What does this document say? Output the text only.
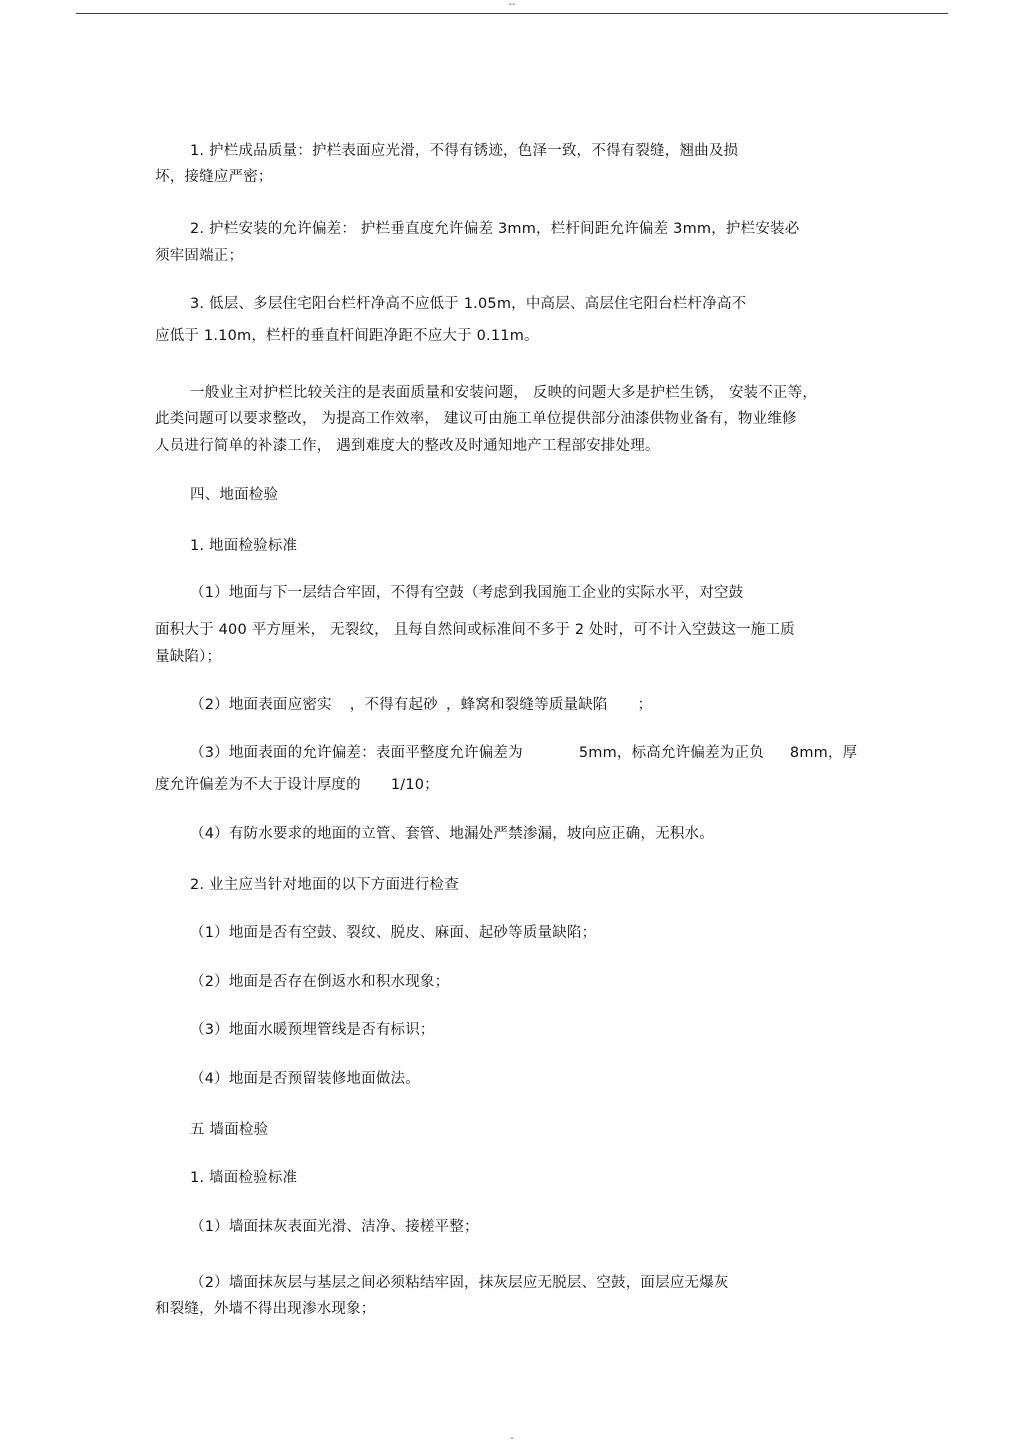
--
1. 护栏成品质量：护栏表面应光滑，不得有锈迹，色泽一致，不得有裂缝，翘曲及损
坏，接缝应严密；
2. 护栏安装的允许偏差： 护栏垂直度允许偏差 3mm，栏杆间距允许偏差 3mm，护栏安装必
须牢固端正；
3. 低层、多层住宅阳台栏杆净高不应低于 1.05m，中高层、高层住宅阳台栏杆净高不
应低于 1.10m，栏杆的垂直杆间距净距不应大于 0.11m。
一般业主对护栏比较关注的是表面质量和安装问题， 反映的问题大多是护栏生锈， 安装不正等，
此类问题可以要求整改， 为提高工作效率， 建议可由施工单位提供部分油漆供物业备有，物业维修
人员进行简单的补漆工作， 遇到难度大的整改及时通知地产工程部安排处理。
四、地面检验
1. 地面检验标准
（1）地面与下一层结合牢固，不得有空鼓（考虑到我国施工企业的实际水平，对空鼓
面积大于 400 平方厘米， 无裂纹， 且每自然间或标准间不多于 2 处时，可不计入空鼓这一施工质
量缺陷）；
（2）地面表面应密实 ，不得有起砂 ，蜂窝和裂缝等质量缺陷 ；
（3）地面表面的允许偏差：表面平整度允许偏差为	5mm，标高允许偏差为正负 8mm，厚
度允许偏差为不大于设计厚度的 1/10；
（4）有防水要求的地面的立管、套管、地漏处严禁渗漏，坡向应正确，无积水。
2. 业主应当针对地面的以下方面进行检查
（1）地面是否有空鼓、裂纹、脱皮、麻面、起砂等质量缺陷；
（2）地面是否存在倒返水和积水现象；
（3）地面水暖预埋管线是否有标识；
（4）地面是否预留装修地面做法。
五 墙面检验
1. 墙面检验标准
（1）墙面抹灰表面光滑、洁净、接槎平整；
（2）墙面抹灰层与基层之间必须粘结牢固，抹灰层应无脱层、空鼓，面层应无爆灰
和裂缝，外墙不得出现渗水现象；
-
